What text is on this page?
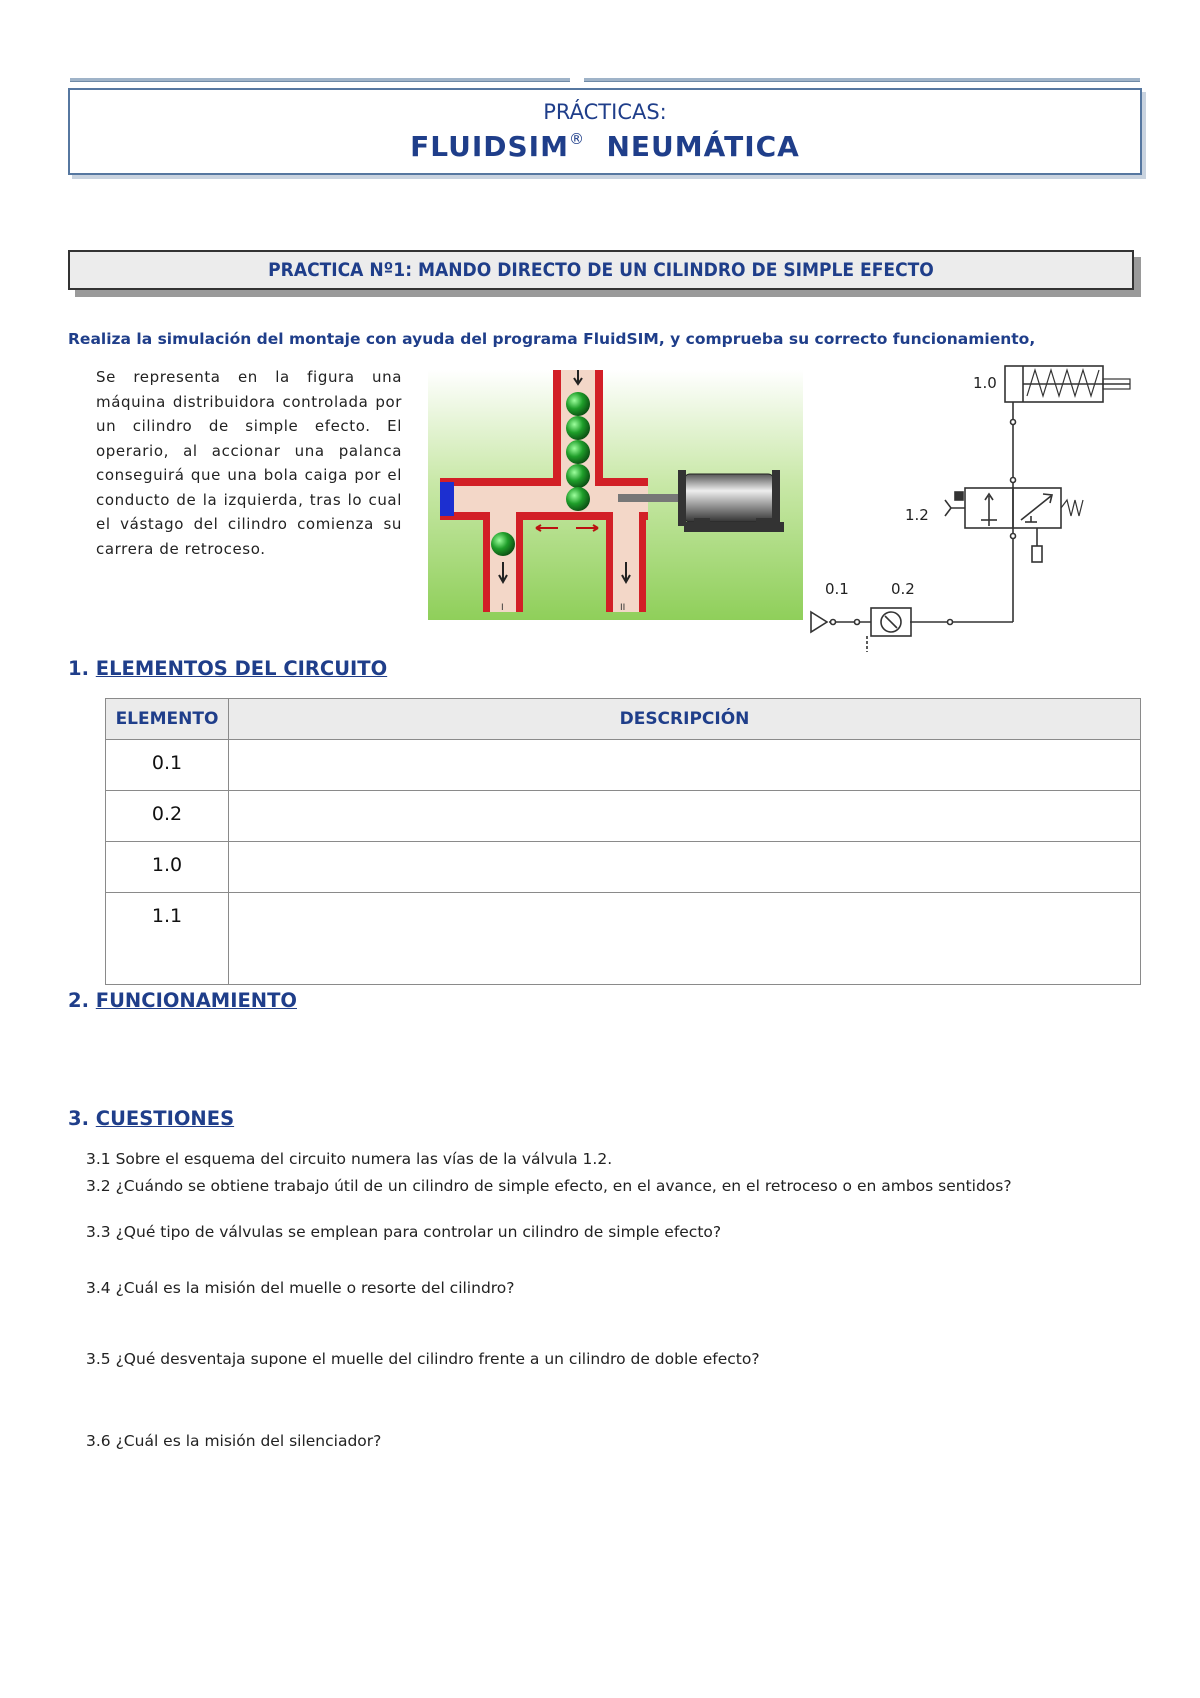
PRÁCTICAS:
FLUIDSIM® NEUMÁTICA
PRACTICA Nº1: MANDO DIRECTO DE UN CILINDRO DE SIMPLE EFECTO
Realiza la simulación del montaje con ayuda del programa FluidSIM, y comprueba su correcto funcionamiento,
Se representa en la figura una máquina distribuidora controlada por un cilindro de simple efecto. El operario, al accionar una palanca conseguirá que una bola caiga por el conducto de la izquierda, tras lo cual el vástago del cilindro comienza su carrera de retroceso.
I	II
1.0
1.2
0.1	0.2
1. ELEMENTOS DEL CIRCUITO
ELEMENTO	DESCRIPCIÓN
0.1	
0.2	
1.0	
1.1	
2. FUNCIONAMIENTO
3. CUESTIONES
3.1 Sobre el esquema del circuito numera las vías de la válvula 1.2.
3.2 ¿Cuándo se obtiene trabajo útil de un cilindro de simple efecto, en el avance, en el retroceso o en ambos sentidos?
3.3 ¿Qué tipo de válvulas se emplean para controlar un cilindro de simple efecto?
3.4 ¿Cuál es la misión del muelle o resorte del cilindro?
3.5 ¿Qué desventaja supone el muelle del cilindro frente a un cilindro de doble efecto?
3.6 ¿Cuál es la misión del silenciador?
